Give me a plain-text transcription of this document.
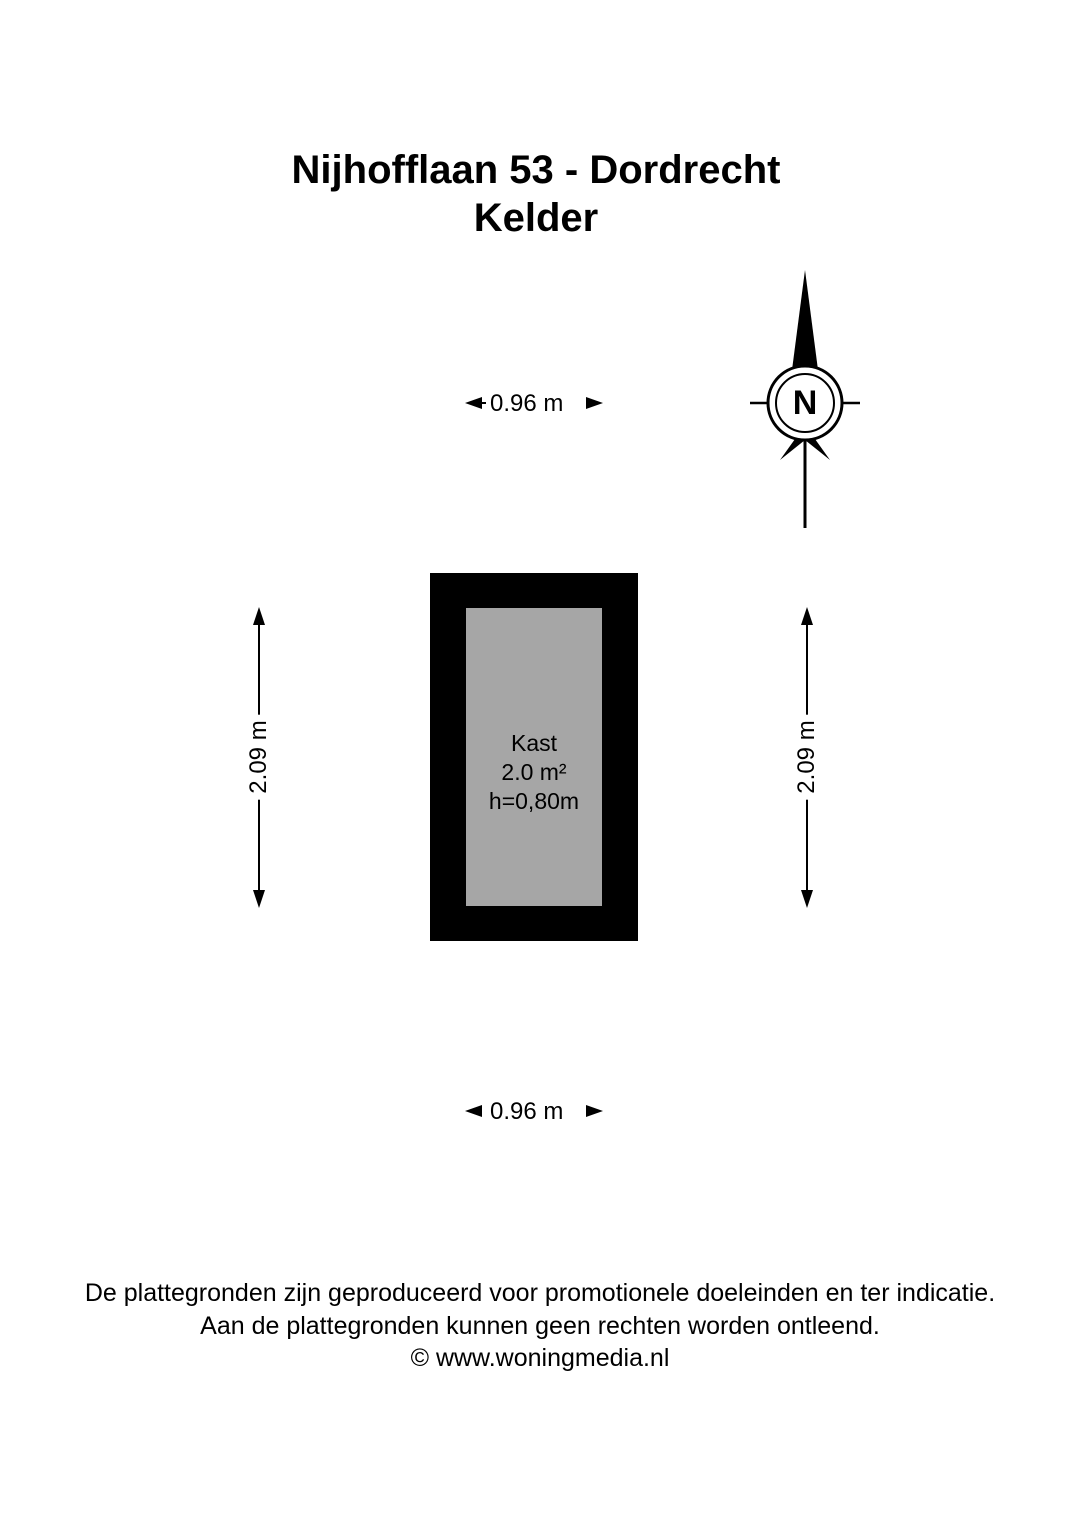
Nijhofflaan 53 - Dordrecht
Kelder
N
0.96 m
0.96 m
2.09 m	2.09 m
Kast
2.0 m²
h=0,80m
De plattegronden zijn geproduceerd voor promotionele doeleinden en ter indicatie.
Aan de plattegronden kunnen geen rechten worden ontleend.
© www.woningmedia.nl
